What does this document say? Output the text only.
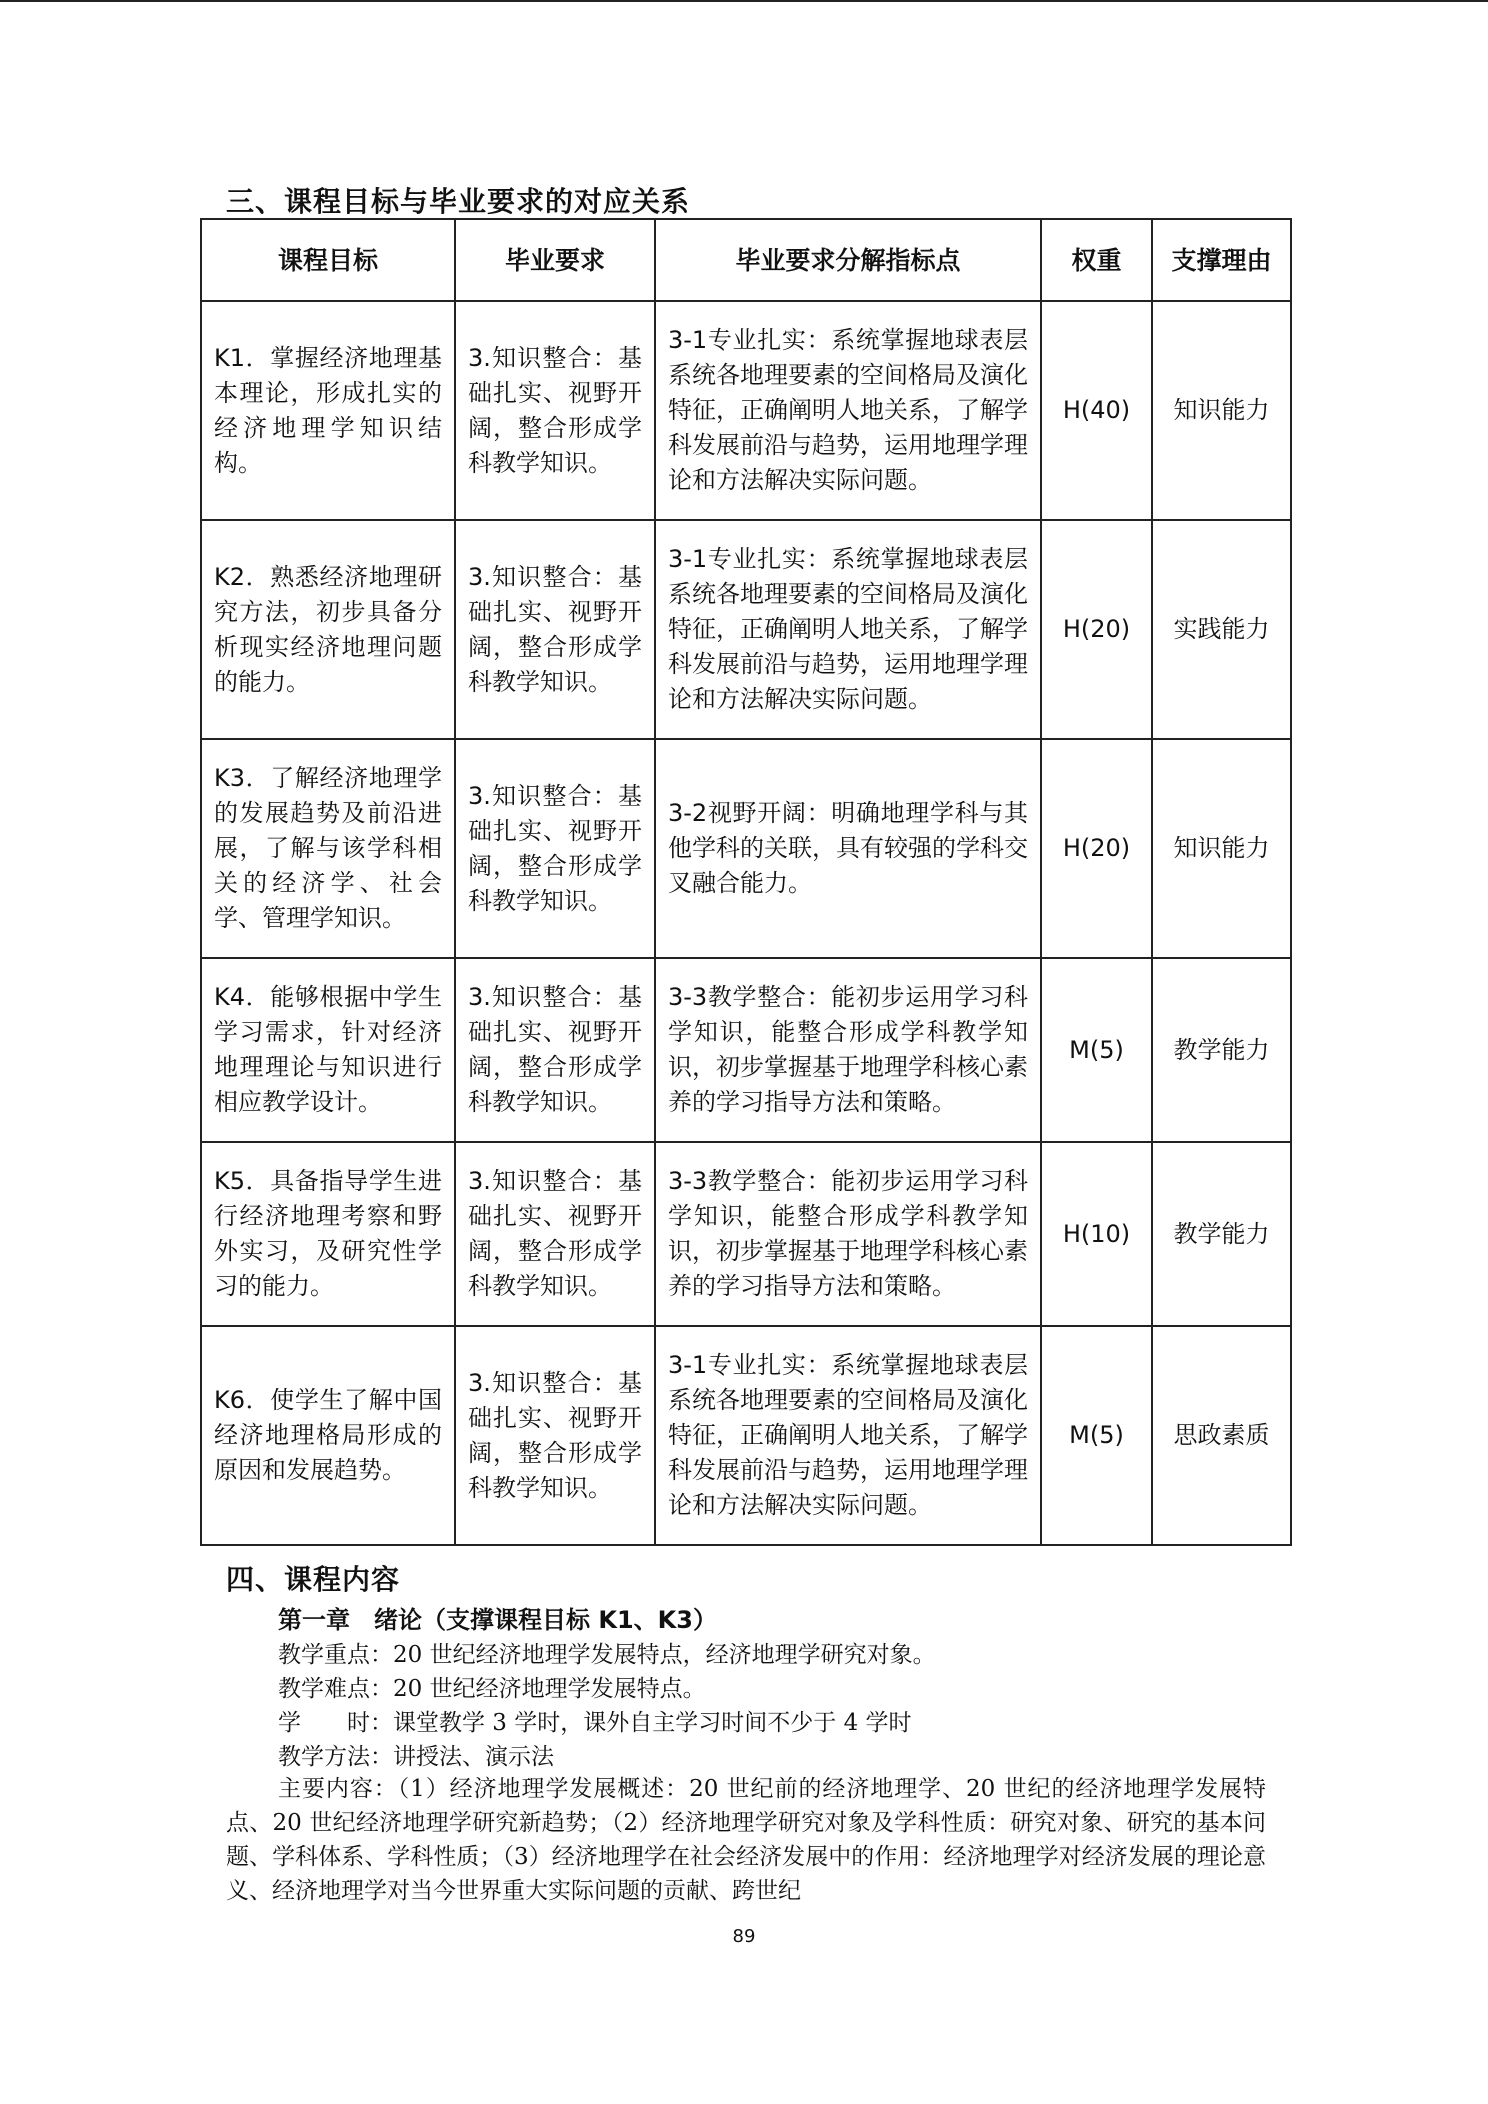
三、课程目标与毕业要求的对应关系
课程目标	毕业要求	毕业要求分解指标点	权重	支撑理由
K1．掌握经济地理基本理论，形成扎实的经济地理学知识结构。	3.知识整合：基础扎实、视野开阔，整合形成学科教学知识。	3-1专业扎实：系统掌握地球表层系统各地理要素的空间格局及演化特征，正确阐明人地关系，了解学科发展前沿与趋势，运用地理学理论和方法解决实际问题。	H(40)	知识能力
K2．熟悉经济地理研究方法，初步具备分析现实经济地理问题的能力。	3.知识整合：基础扎实、视野开阔，整合形成学科教学知识。	3-1专业扎实：系统掌握地球表层系统各地理要素的空间格局及演化特征，正确阐明人地关系，了解学科发展前沿与趋势，运用地理学理论和方法解决实际问题。	H(20)	实践能力
K3．了解经济地理学的发展趋势及前沿进展，了解与该学科相关的经济学、社会学、管理学知识。	3.知识整合：基础扎实、视野开阔，整合形成学科教学知识。	3-2视野开阔：明确地理学科与其他学科的关联，具有较强的学科交叉融合能力。	H(20)	知识能力
K4．能够根据中学生学习需求，针对经济地理理论与知识进行相应教学设计。	3.知识整合：基础扎实、视野开阔，整合形成学科教学知识。	3-3教学整合：能初步运用学习科学知识，能整合形成学科教学知识，初步掌握基于地理学科核心素养的学习指导方法和策略。	M(5)	教学能力
K5．具备指导学生进行经济地理考察和野外实习，及研究性学习的能力。	3.知识整合：基础扎实、视野开阔，整合形成学科教学知识。	3-3教学整合：能初步运用学习科学知识，能整合形成学科教学知识，初步掌握基于地理学科核心素养的学习指导方法和策略。	H(10)	教学能力
K6．使学生了解中国经济地理格局形成的原因和发展趋势。	3.知识整合：基础扎实、视野开阔，整合形成学科教学知识。	3-1专业扎实：系统掌握地球表层系统各地理要素的空间格局及演化特征，正确阐明人地关系，了解学科发展前沿与趋势，运用地理学理论和方法解决实际问题。	M(5)	思政素质
四、课程内容
第一章　绪论（支撑课程目标 K1、K3）
教学重点：20 世纪经济地理学发展特点，经济地理学研究对象。
教学难点：20 世纪经济地理学发展特点。
学　　时：课堂教学 3 学时，课外自主学习时间不少于 4 学时
教学方法：讲授法、演示法
主要内容：（1）经济地理学发展概述：20 世纪前的经济地理学、20 世纪的经济地理学发展特点、20 世纪经济地理学研究新趋势；（2）经济地理学研究对象及学科性质：研究对象、研究的基本问题、学科体系、学科性质；（3）经济地理学在社会经济发展中的作用：经济地理学对经济发展的理论意义、经济地理学对当今世界重大实际问题的贡献、跨世纪
89
